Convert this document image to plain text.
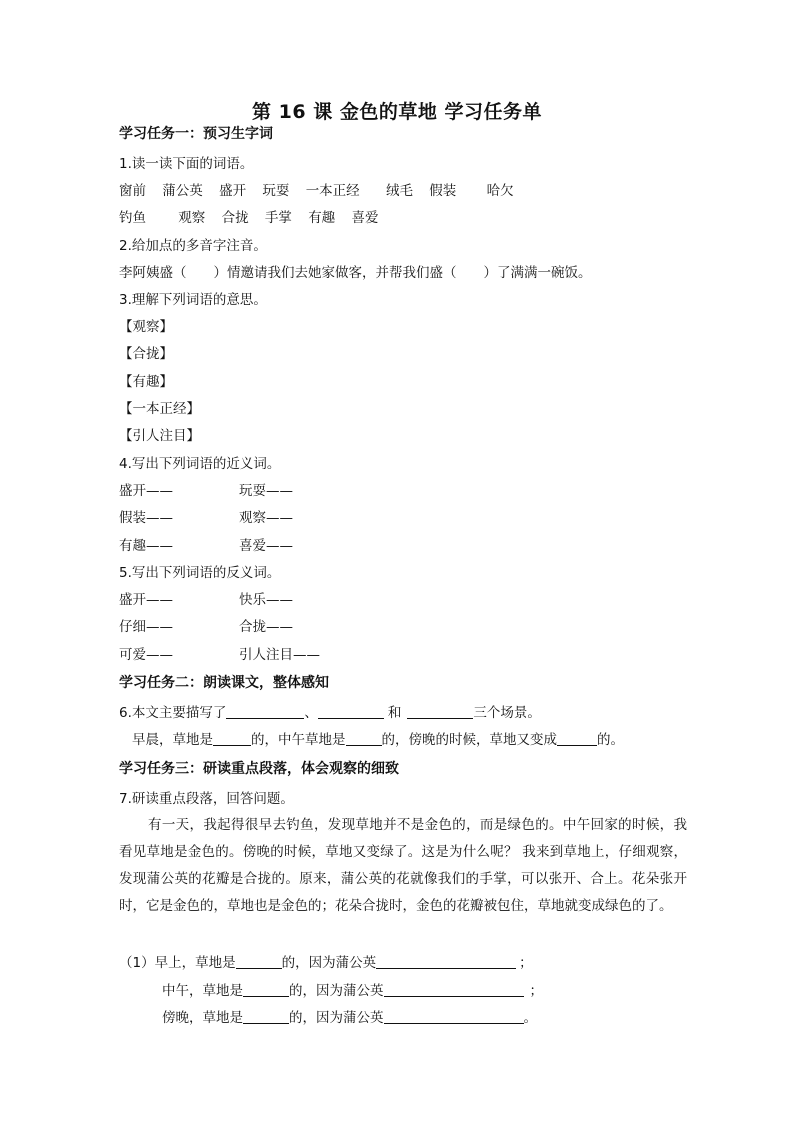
第 16 课 金色的草地 学习任务单
学习任务一：预习生字词
1.读一读下面的词语。
窗前 蒲公英 盛开 玩耍 一本正经 绒毛 假装 哈欠
钓鱼 观察 合拢 手掌 有趣 喜爱
2.给加点的多音字注音。
李阿姨盛（　　）情邀请我们去她家做客，并帮我们盛（　　）了满满一碗饭。
3.理解下列词语的意思。
【观察】
【合拢】
【有趣】
【一本正经】
【引人注目】
4.写出下列词语的近义词。
盛开——	玩耍——
假装——	观察——
有趣——	喜爱——
5.写出下列词语的反义词。
盛开——	快乐——
仔细——	合拢——
可爱——	引人注目——
学习任务二：朗读课文，整体感知
6.本文主要描写了	、	和	三个场景。
早晨，草地是	的，中午草地是	的，傍晚的时候，草地又变成	的。
学习任务三：研读重点段落，体会观察的细致
7.研读重点段落，回答问题。
有一天，我起得很早去钓鱼，发现草地并不是金色的，而是绿色的。中午回家的时候，我看见草地是金色的。傍晚的时候，草地又变绿了。这是为什么呢？ 我来到草地上，仔细观察，发现蒲公英的花瓣是合拢的。原来，蒲公英的花就像我们的手掌，可以张开、合上。花朵张开时，它是金色的，草地也是金色的；花朵合拢时，金色的花瓣被包住，草地就变成绿色的了。
（1）早上，草地是	的，因为蒲公英	；
中午，草地是	的，因为蒲公英	；
傍晚，草地是	的，因为蒲公英	。
